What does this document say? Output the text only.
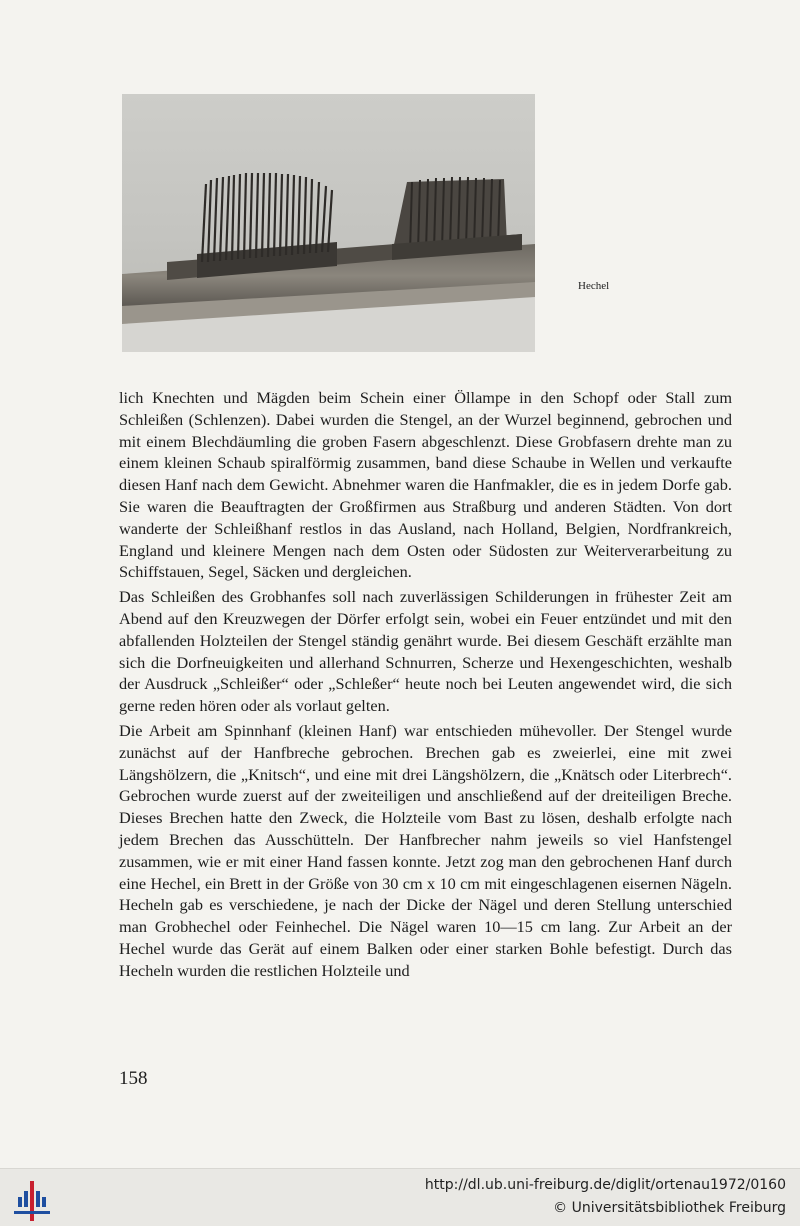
Hechel

lich Knechten und Mägden beim Schein einer Öllampe in den Schopf oder Stall zum Schleißen (Schlenzen). Dabei wurden die Stengel, an der Wurzel beginnend, gebrochen und mit einem Blechdäumling die groben Fasern abgeschlenzt. Diese Grobfasern drehte man zu einem kleinen Schaub spiralförmig zusammen, band diese Schaube in Wellen und verkaufte diesen Hanf nach dem Gewicht. Abnehmer waren die Hanfmakler, die es in jedem Dorfe gab. Sie waren die Beauftragten der Großfirmen aus Straßburg und anderen Städten. Von dort wanderte der Schleißhanf restlos in das Ausland, nach Holland, Belgien, Nordfrankreich, England und kleinere Mengen nach dem Osten oder Südosten zur Weiterverarbeitung zu Schiffstauen, Segel, Säcken und dergleichen.

Das Schleißen des Grobhanfes soll nach zuverlässigen Schilderungen in frühester Zeit am Abend auf den Kreuzwegen der Dörfer erfolgt sein, wobei ein Feuer entzündet und mit den abfallenden Holzteilen der Stengel ständig genährt wurde. Bei diesem Geschäft erzählte man sich die Dorfneuigkeiten und allerhand Schnurren, Scherze und Hexengeschichten, weshalb der Ausdruck „Schleißer“ oder „Schleßer“ heute noch bei Leuten angewendet wird, die sich gerne reden hören oder als vorlaut gelten.

Die Arbeit am Spinnhanf (kleinen Hanf) war entschieden mühevoller. Der Stengel wurde zunächst auf der Hanfbreche gebrochen. Brechen gab es zweierlei, eine mit zwei Längshölzern, die „Knitsch“, und eine mit drei Längshölzern, die „Knätsch oder Literbrech“. Gebrochen wurde zuerst auf der zweiteiligen und anschließend auf der dreiteiligen Breche. Dieses Brechen hatte den Zweck, die Holzteile vom Bast zu lösen, deshalb erfolgte nach jedem Brechen das Ausschütteln. Der Hanfbrecher nahm jeweils so viel Hanfstengel zusammen, wie er mit einer Hand fassen konnte. Jetzt zog man den gebrochenen Hanf durch eine Hechel, ein Brett in der Größe von 30 cm x 10 cm mit eingeschlagenen eisernen Nägeln. Hecheln gab es verschiedene, je nach der Dicke der Nägel und deren Stellung unterschied man Grobhechel oder Feinhechel. Die Nägel waren 10—15 cm lang. Zur Arbeit an der Hechel wurde das Gerät auf einem Balken oder einer starken Bohle befestigt. Durch das Hecheln wurden die restlichen Holzteile und

158
http://dl.ub.uni-freiburg.de/diglit/ortenau1972/0160
© Universitätsbibliothek Freiburg
